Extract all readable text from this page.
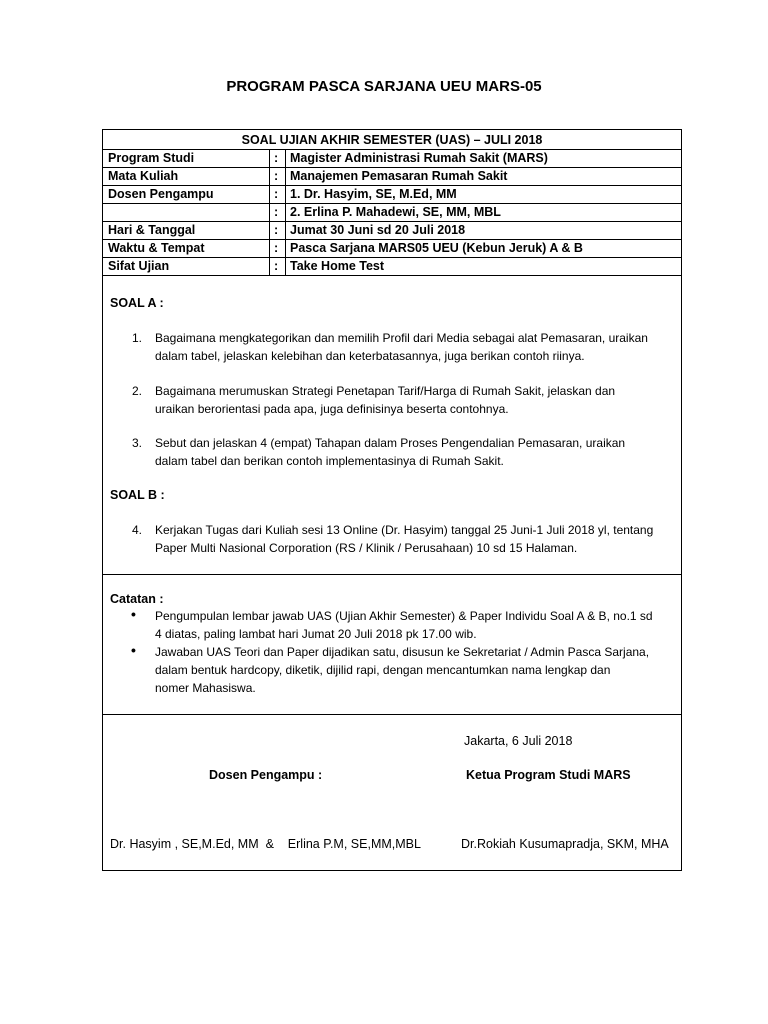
PROGRAM PASCA SARJANA UEU MARS-05
SOAL UJIAN AKHIR SEMESTER (UAS) – JULI 2018
Program Studi	: Magister Administrasi Rumah Sakit (MARS)
Mata Kuliah	: Manajemen Pemasaran Rumah Sakit
Dosen Pengampu	: 1. Dr. Hasyim, SE, M.Ed, MM
: 2. Erlina P. Mahadewi, SE, MM, MBL
Hari & Tanggal	: Jumat 30 Juni sd 20 Juli 2018
Waktu & Tempat	: Pasca Sarjana MARS05 UEU (Kebun Jeruk) A & B
Sifat Ujian	: Take Home Test
SOAL A :
1. Bagaimana mengkategorikan dan memilih Profil dari Media sebagai alat Pemasaran, uraikan
dalam tabel, jelaskan kelebihan dan keterbatasannya, juga berikan contoh riinya.
2. Bagaimana merumuskan Strategi Penetapan Tarif/Harga di Rumah Sakit, jelaskan dan
uraikan berorientasi pada apa, juga definisinya beserta contohnya.
3. Sebut dan jelaskan 4 (empat) Tahapan dalam Proses Pengendalian Pemasaran, uraikan
dalam tabel dan berikan contoh implementasinya di Rumah Sakit.
SOAL B :
4. Kerjakan Tugas dari Kuliah sesi 13 Online (Dr. Hasyim) tanggal 25 Juni-1 Juli 2018 yl, tentang
Paper Multi Nasional Corporation (RS / Klinik / Perusahaan) 10 sd 15 Halaman.
Catatan :
• Pengumpulan lembar jawab UAS (Ujian Akhir Semester) & Paper Individu Soal A & B, no.1 sd
4 diatas, paling lambat hari Jumat 20 Juli 2018 pk 17.00 wib.
• Jawaban UAS Teori dan Paper dijadikan satu, disusun ke Sekretariat / Admin Pasca Sarjana,
dalam bentuk hardcopy, diketik, dijilid rapi, dengan mencantumkan nama lengkap dan
nomer Mahasiswa.
Jakarta, 6 Juli 2018
Dosen Pengampu :	Ketua Program Studi MARS
Dr. Hasyim , SE,M.Ed, MM  &    Erlina P.M, SE,MM,MBL	Dr.Rokiah Kusumapradja, SKM, MHA
